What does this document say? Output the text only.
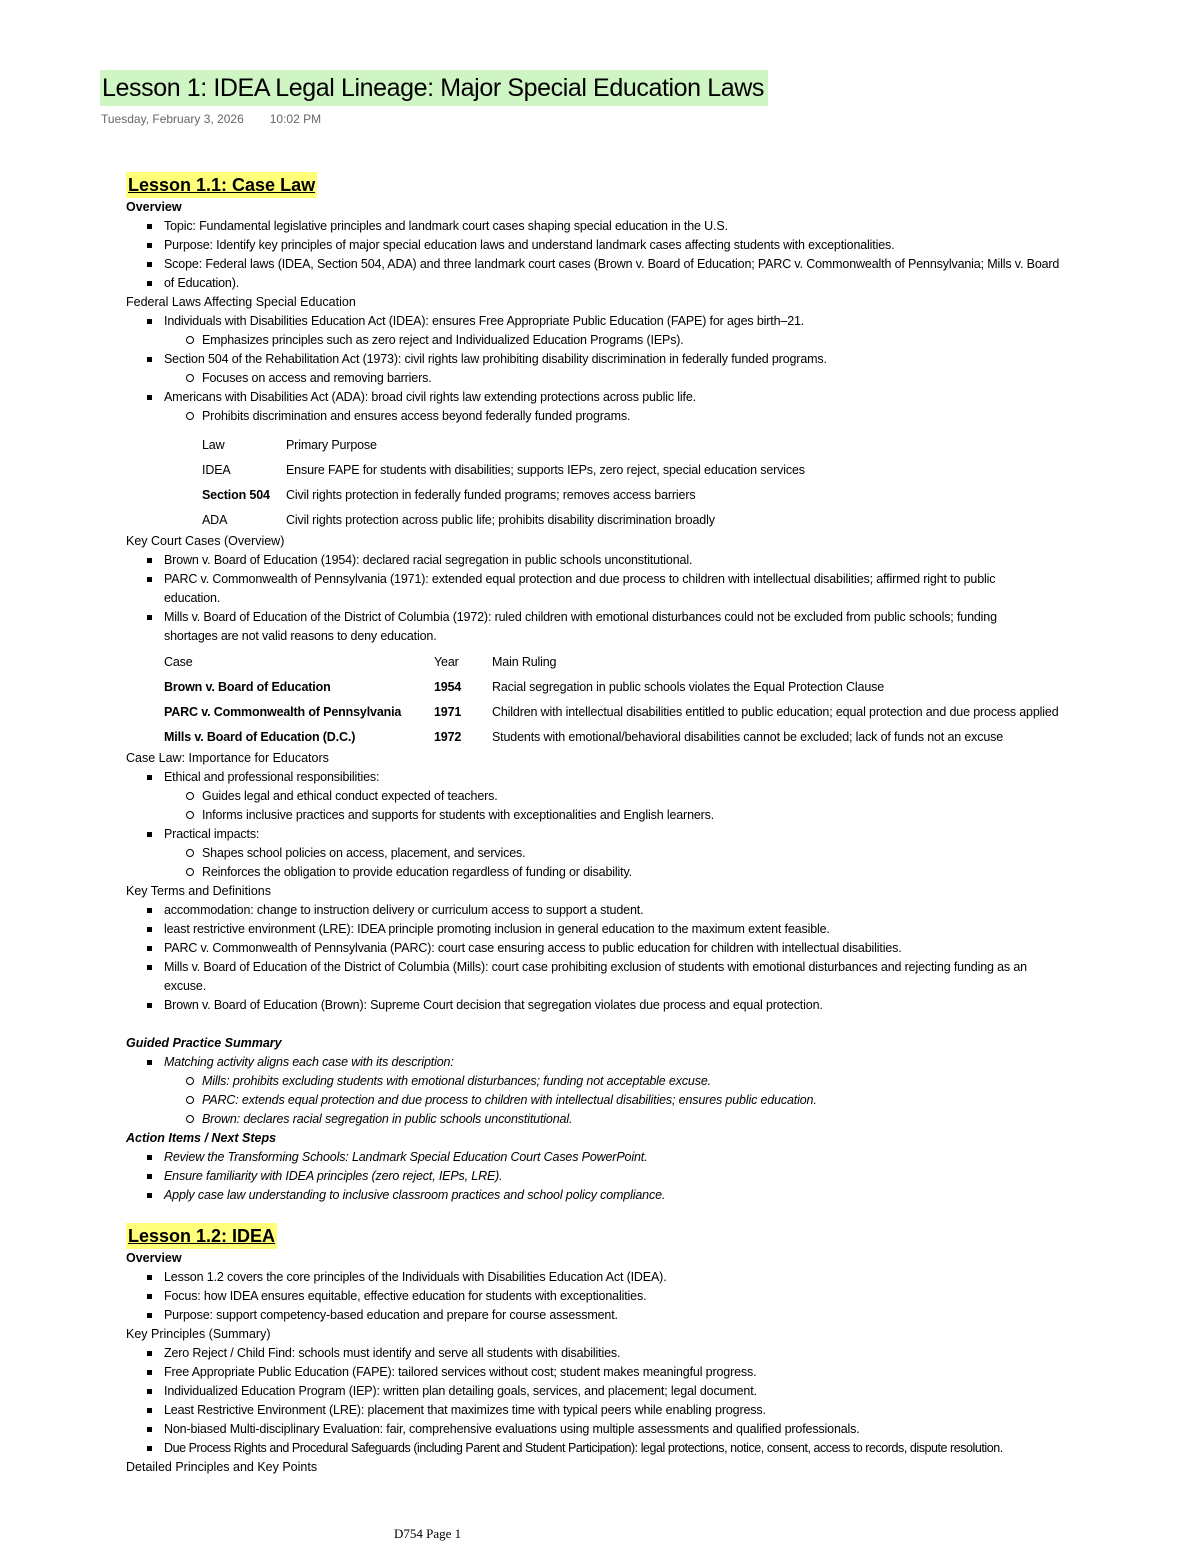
Lesson 1: IDEA Legal Lineage: Major Special Education Laws
Tuesday, February 3, 2026 10:02 PM
Lesson 1.1: Case Law
Overview
Topic: Fundamental legislative principles and landmark court cases shaping special education in the U.S.
Purpose: Identify key principles of major special education laws and understand landmark cases affecting students with exceptionalities.
Scope: Federal laws (IDEA, Section 504, ADA) and three landmark court cases (Brown v. Board of Education; PARC v. Commonwealth of Pennsylvania; Mills v. Board
of Education).
Federal Laws Affecting Special Education
Individuals with Disabilities Education Act (IDEA): ensures Free Appropriate Public Education (FAPE) for ages birth–21.
Emphasizes principles such as zero reject and Individualized Education Programs (IEPs).
Section 504 of the Rehabilitation Act (1973): civil rights law prohibiting disability discrimination in federally funded programs.
Focuses on access and removing barriers.
Americans with Disabilities Act (ADA): broad civil rights law extending protections across public life.
Prohibits discrimination and ensures access beyond federally funded programs.
Law	Primary Purpose
IDEA	Ensure FAPE for students with disabilities; supports IEPs, zero reject, special education services
Section 504	Civil rights protection in federally funded programs; removes access barriers
ADA	Civil rights protection across public life; prohibits disability discrimination broadly
Key Court Cases (Overview)
Brown v. Board of Education (1954): declared racial segregation in public schools unconstitutional.
PARC v. Commonwealth of Pennsylvania (1971): extended equal protection and due process to children with intellectual disabilities; affirmed right to public
education.
Mills v. Board of Education of the District of Columbia (1972): ruled children with emotional disturbances could not be excluded from public schools; funding
shortages are not valid reasons to deny education.
Case	Year	Main Ruling
Brown v. Board of Education	1954	Racial segregation in public schools violates the Equal Protection Clause
PARC v. Commonwealth of Pennsylvania	1971	Children with intellectual disabilities entitled to public education; equal protection and due process applied
Mills v. Board of Education (D.C.)	1972	Students with emotional/behavioral disabilities cannot be excluded; lack of funds not an excuse
Case Law: Importance for Educators
Ethical and professional responsibilities:
Guides legal and ethical conduct expected of teachers.
Informs inclusive practices and supports for students with exceptionalities and English learners.
Practical impacts:
Shapes school policies on access, placement, and services.
Reinforces the obligation to provide education regardless of funding or disability.
Key Terms and Definitions
accommodation: change to instruction delivery or curriculum access to support a student.
least restrictive environment (LRE): IDEA principle promoting inclusion in general education to the maximum extent feasible.
PARC v. Commonwealth of Pennsylvania (PARC): court case ensuring access to public education for children with intellectual disabilities.
Mills v. Board of Education of the District of Columbia (Mills): court case prohibiting exclusion of students with emotional disturbances and rejecting funding as an
excuse.
Brown v. Board of Education (Brown): Supreme Court decision that segregation violates due process and equal protection.
Guided Practice Summary
Matching activity aligns each case with its description:
Mills: prohibits excluding students with emotional disturbances; funding not acceptable excuse.
PARC: extends equal protection and due process to children with intellectual disabilities; ensures public education.
Brown: declares racial segregation in public schools unconstitutional.
Action Items / Next Steps
Review the Transforming Schools: Landmark Special Education Court Cases PowerPoint.
Ensure familiarity with IDEA principles (zero reject, IEPs, LRE).
Apply case law understanding to inclusive classroom practices and school policy compliance.
Lesson 1.2: IDEA
Overview
Lesson 1.2 covers the core principles of the Individuals with Disabilities Education Act (IDEA).
Focus: how IDEA ensures equitable, effective education for students with exceptionalities.
Purpose: support competency-based education and prepare for course assessment.
Key Principles (Summary)
Zero Reject / Child Find: schools must identify and serve all students with disabilities.
Free Appropriate Public Education (FAPE): tailored services without cost; student makes meaningful progress.
Individualized Education Program (IEP): written plan detailing goals, services, and placement; legal document.
Least Restrictive Environment (LRE): placement that maximizes time with typical peers while enabling progress.
Non-biased Multi-disciplinary Evaluation: fair, comprehensive evaluations using multiple assessments and qualified professionals.
Due Process Rights and Procedural Safeguards (including Parent and Student Participation): legal protections, notice, consent, access to records, dispute resolution.
Detailed Principles and Key Points
D754 Page 1
